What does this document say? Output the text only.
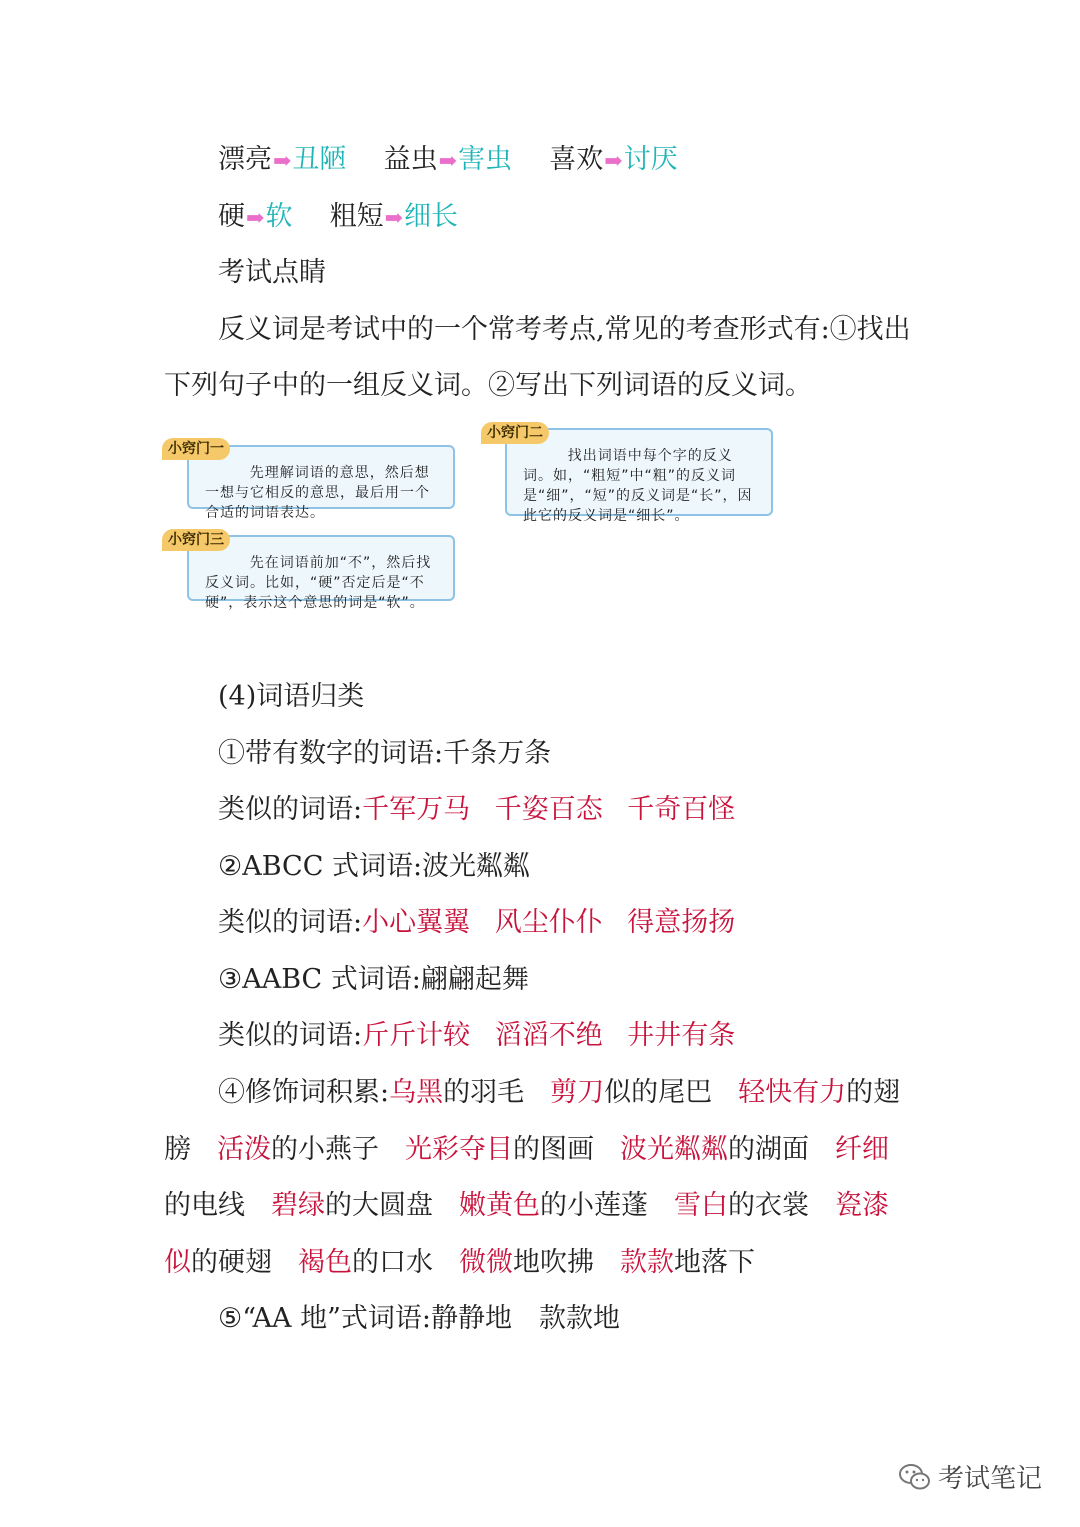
漂亮➡丑陋 益虫➡害虫 喜欢➡讨厌
硬➡软 粗短➡细长
考试点睛
反义词是考试中的一个常考考点,常见的考查形式有:①找出
下列句子中的一组反义词。②写出下列词语的反义词。
先理解词语的意思，然后想一想与它相反的意思，最后用一个合适的词语表达。
小窍门一	找出词语中每个字的反义词。如，“粗短”中“粗”的反义词是“细”，“短”的反义词是“长”，因此它的反义词是“细长”。
小窍门二
先在词语前加“不”，然后找反义词。比如，“硬”否定后是“不硬”，表示这个意思的词是“软”。
小窍门三
(4)词语归类
①带有数字的词语:千条万条
类似的词语:千军万马 千姿百态 千奇百怪
②ABCC 式词语:波光粼粼
类似的词语:小心翼翼 风尘仆仆 得意扬扬
③AABC 式词语:翩翩起舞
类似的词语:斤斤计较 滔滔不绝 井井有条
④修饰词积累:乌黑的羽毛 剪刀似的尾巴 轻快有力的翅
膀 活泼的小燕子 光彩夺目的图画 波光粼粼的湖面 纤细
的电线 碧绿的大圆盘 嫩黄色的小莲蓬 雪白的衣裳 瓷漆
似的硬翅 褐色的口水 微微地吹拂 款款地落下
⑤“AA 地”式词语:静静地　款款地
考试笔记
